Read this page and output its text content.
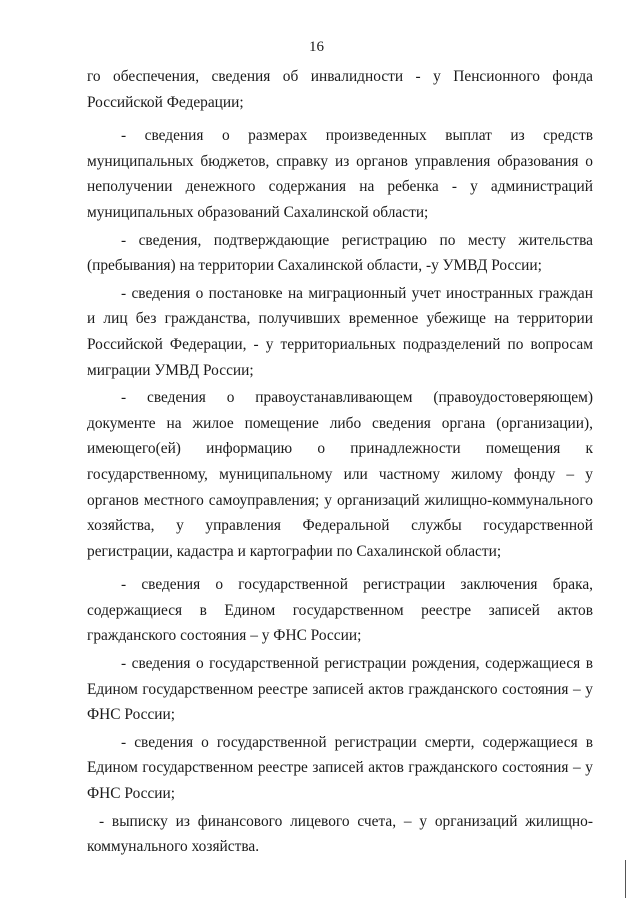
16

го обеспечения, сведения об инвалидности - у Пенсионного фонда Российской Федерации;

- сведения о размерах произведенных выплат из средств муниципальных бюджетов, справку из органов управления образования о неполучении денежного содержания на ребенка - у администраций муниципальных образований Сахалинской области;

- сведения, подтверждающие регистрацию по месту жительства (пребывания) на территории Сахалинской области, -у УМВД России;

- сведения о постановке на миграционный учет иностранных граждан и лиц без гражданства, получивших временное убежище на территории Российской Федерации, - у территориальных подразделений по вопросам миграции УМВД России;

- сведения о правоустанавливающем (правоудостоверяющем) документе на жилое помещение либо сведения органа (организации), имеющего(ей) информацию о принадлежности помещения к государственному, муниципальному или частному жилому фонду – у органов местного самоуправления; у организаций жилищно-коммунального хозяйства, у управления Федеральной службы государственной регистрации, кадастра и картографии по Сахалинской области;

- сведения о государственной регистрации заключения брака, содержащиеся в Едином государственном реестре записей актов гражданского состояния – у ФНС России;

- сведения о государственной регистрации рождения, содержащиеся в Едином государственном реестре записей актов гражданского состояния – у ФНС России;

- сведения о государственной регистрации смерти, содержащиеся в Едином государственном реестре записей актов гражданского состояния – у ФНС России;

- выписку из финансового лицевого счета, – у организаций жилищно-коммунального хозяйства.
